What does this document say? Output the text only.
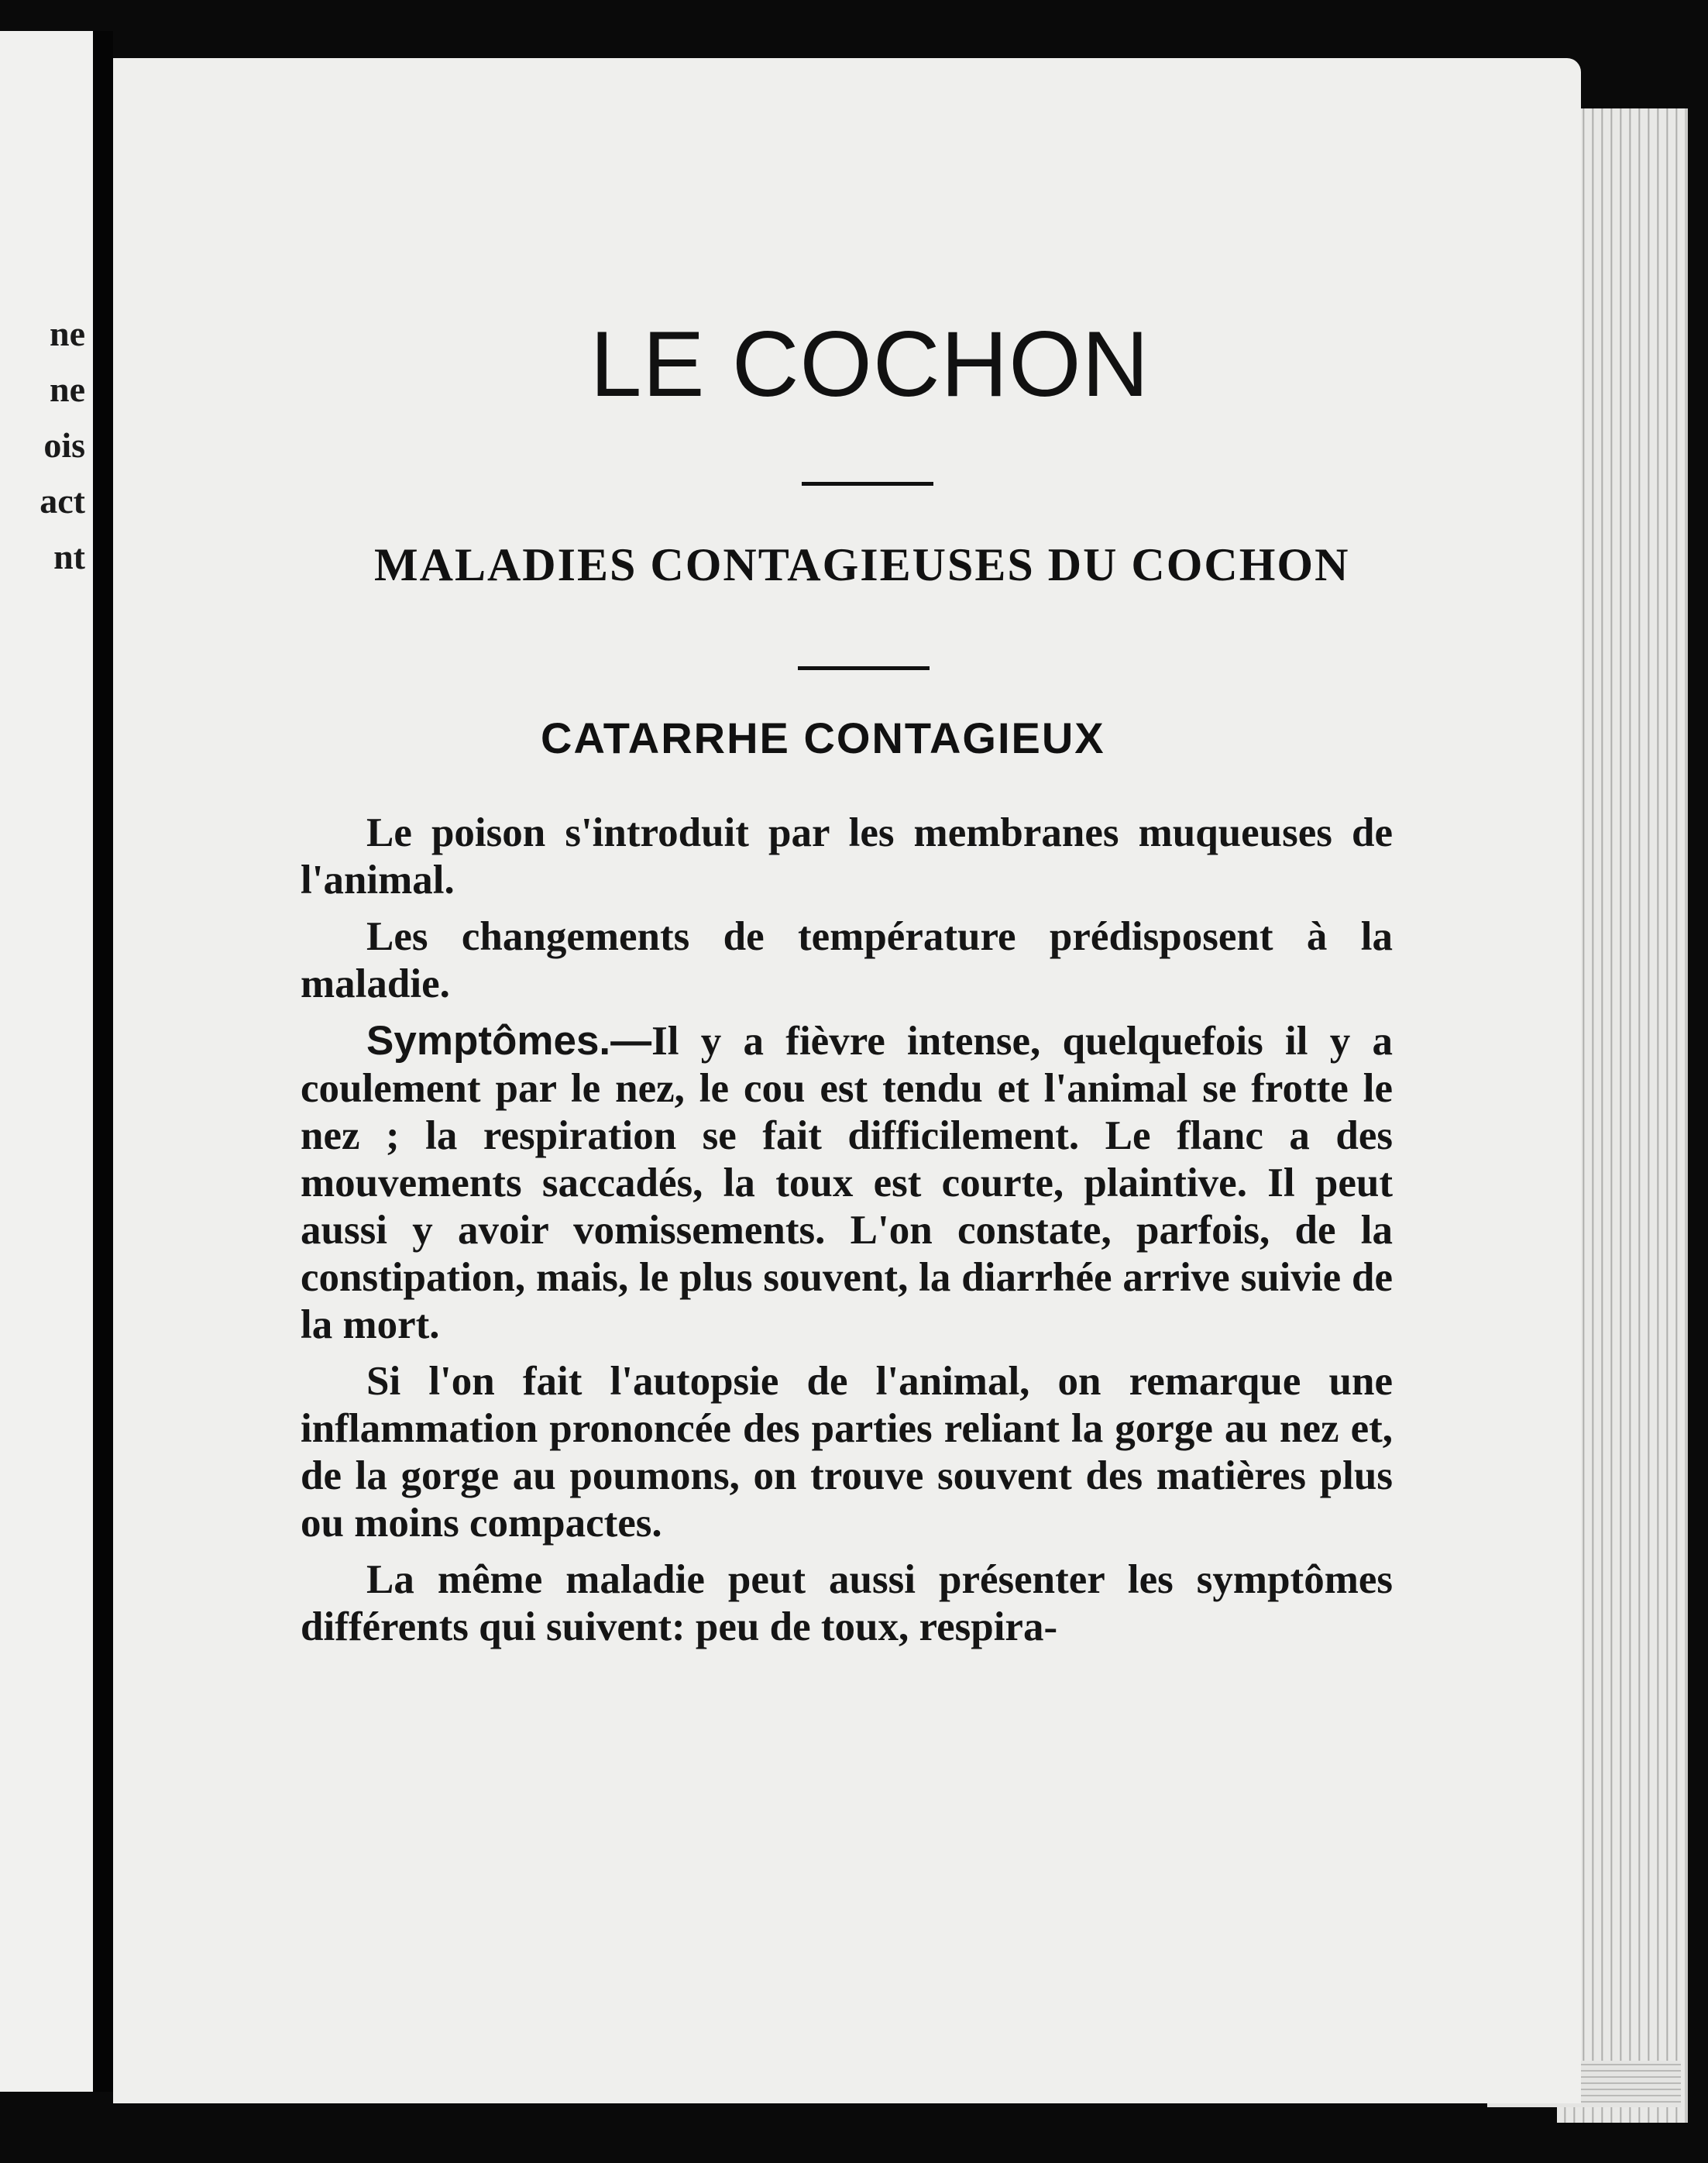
ne
ne
ois
act
nt
LE COCHON
MALADIES CONTAGIEUSES DU COCHON
CATARRHE CONTAGIEUX

Le poison s'introduit par les membranes muqueuses de l'animal.

Les changements de température prédisposent à la maladie.

Symptômes.—Il y a fièvre intense, quelquefois il y a coulement par le nez, le cou est tendu et l'animal se frotte le nez ; la respiration se fait difficilement. Le flanc a des mouvements saccadés, la toux est courte, plaintive. Il peut aussi y avoir vomissements. L'on constate, parfois, de la constipation, mais, le plus souvent, la diarrhée arrive suivie de la mort.

Si l'on fait l'autopsie de l'animal, on remarque une inflammation prononcée des parties reliant la gorge au nez et, de la gorge au poumons, on trouve souvent des matières plus ou moins compactes.

La même maladie peut aussi présenter les symptômes différents qui suivent: peu de toux, respira-
